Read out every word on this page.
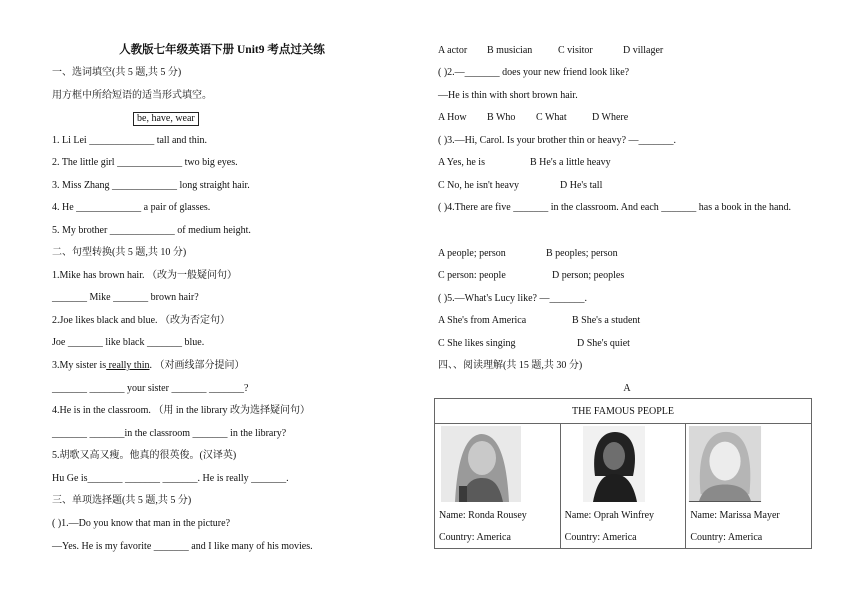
人教版七年级英语下册 Unit9 考点过关练
一、选词填空(共 5 题,共 5 分)
用方框中所给短语的适当形式填空。
be, have, wear
1. Li Lei _____________ tall and thin.
2. The little girl _____________ two big eyes.
3. Miss Zhang _____________ long straight hair.
4. He _____________ a pair of glasses.
5. My brother _____________ of medium height.
二、句型转换(共 5 题,共 10 分)
1.Mike has brown hair. （改为一般疑问句）
_______ Mike _______ brown hair?
2.Joe likes black and blue. （改为否定句）
Joe _______ like black _______ blue.
3.My sister is really thin. （对画线部分提问）
_______ _______ your sister _______ _______?
4.He is in the classroom. （用 in the library 改为选择疑问句）
_______ _______in the classroom _______ in the library?
5.胡歌又高又瘦。他真的很英俊。(汉译英)
Hu Ge is_______ _______ _______. He is really _______.
三、单项选择题(共 5 题,共 5 分)
( )1.—Do you know that man in the picture?
—Yes. He is my favorite _______ and I like many of his movies.
A actor B musician	C visitor	D villager
( )2.—_______ does your new friend look like?
—He is thin with short brown hair.
A How B Who C What	D Where
( )3.—Hi, Carol. Is your brother thin or heavy? —_______.
A Yes, he is	B He's a little heavy
C No, he isn't heavy	D He's tall
( )4.There are five _______ in the classroom. And each _______ has a book in the hand.
A people; person	B peoples; person
C person: people	D person; peoples
( )5.—What's Lucy like? —_______.
A She's from America	B She's a student
C She likes singing	D She's quiet
四、、阅读理解(共 15 题,共 30 分)
A
THE FAMOUS PEOPLE

Name: Ronda Rousey
Country: America

Name: Oprah Winfrey
Country: America

Name: Marissa Mayer
Country: America
